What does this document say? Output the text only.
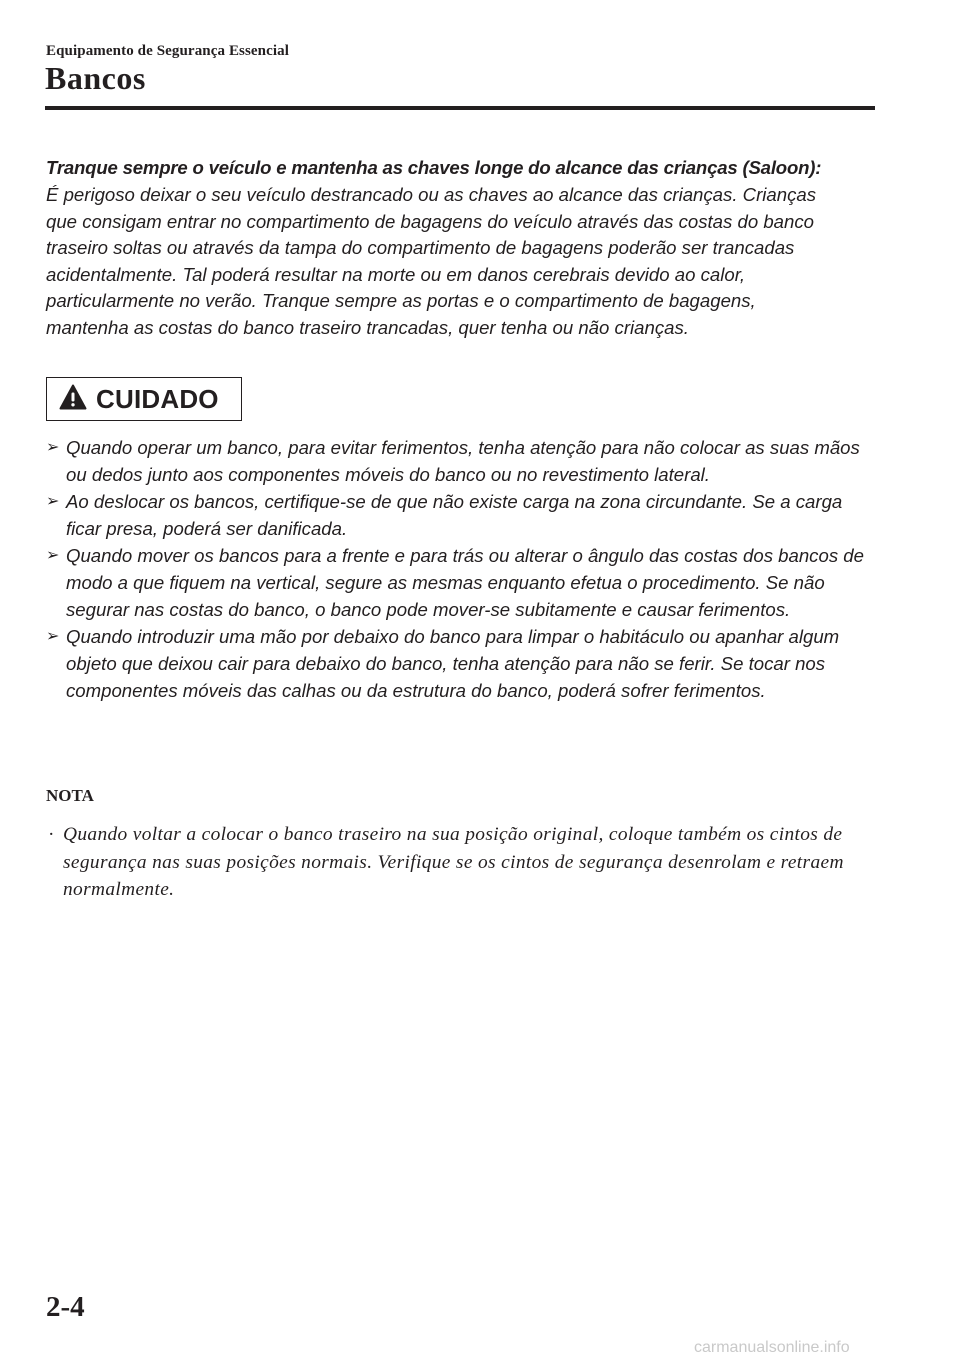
Equipamento de Segurança Essencial
Bancos
Tranque sempre o veículo e mantenha as chaves longe do alcance das crianças (Saloon):

É perigoso deixar o seu veículo destrancado ou as chaves ao alcance das crianças. Crianças

que consigam entrar no compartimento de bagagens do veículo através das costas do banco

traseiro soltas ou através da tampa do compartimento de bagagens poderão ser trancadas

acidentalmente. Tal poderá resultar na morte ou em danos cerebrais devido ao calor,

particularmente no verão. Tranque sempre as portas e o compartimento de bagagens,

mantenha as costas do banco traseiro trancadas, quer tenha ou não crianças.

CUIDADO
➢ Quando operar um banco, para evitar ferimentos, tenha atenção para não colocar as suas mãos ou dedos junto aos componentes móveis do banco ou no revestimento lateral.
➢ Ao deslocar os bancos, certifique-se de que não existe carga na zona circundante. Se a carga ficar presa, poderá ser danificada.
➢ Quando mover os bancos para a frente e para trás ou alterar o ângulo das costas dos bancos de modo a que fiquem na vertical, segure as mesmas enquanto efetua o procedimento. Se não segurar nas costas do banco, o banco pode mover-se subitamente e causar ferimentos.
➢ Quando introduzir uma mão por debaixo do banco para limpar o habitáculo ou apanhar algum objeto que deixou cair para debaixo do banco, tenha atenção para não se ferir. Se tocar nos componentes móveis das calhas ou da estrutura do banco, poderá sofrer ferimentos.
NOTA
· Quando voltar a colocar o banco traseiro na sua posição original, coloque também os cintos de segurança nas suas posições normais. Verifique se os cintos de segurança desenrolam e retraem normalmente.
2-4
carmanualsonline.info
